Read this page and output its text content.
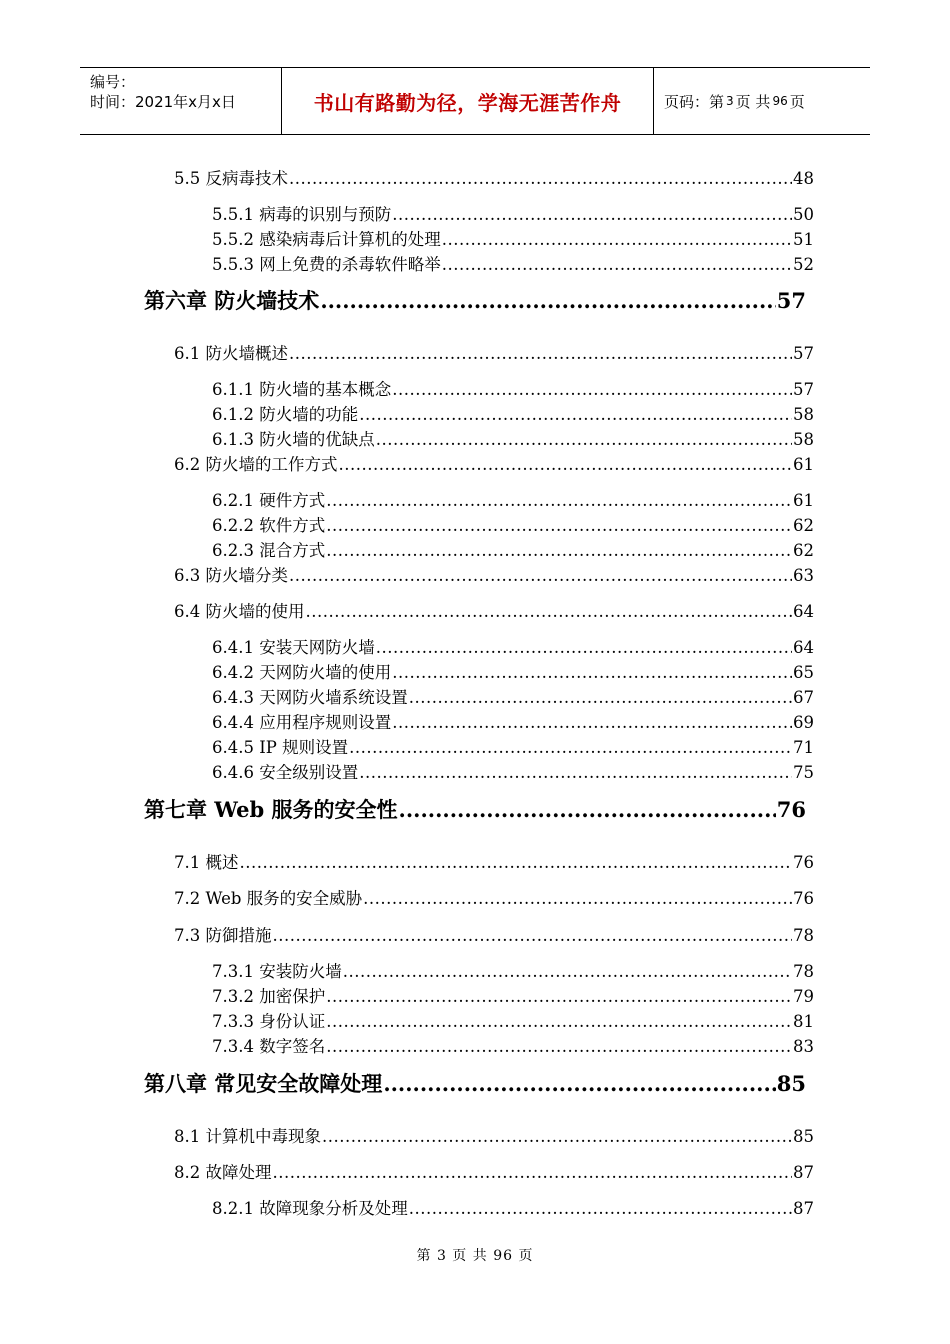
编号：
时间：2021年x月x日	书山有路勤为径，学海无涯苦作舟	页码：第 3 页 共 96 页
5.5 反病毒技术 .....	48
5.5.1 病毒的识别与预防 .....	50
5.5.2 感染病毒后计算机的处理 .....	51
5.5.3 网上免费的杀毒软件略举 .....	52
第六章 防火墙技术 .....	57
6.1 防火墙概述 .....	57
6.1.1 防火墙的基本概念 .....	57
6.1.2 防火墙的功能 .....	58
6.1.3 防火墙的优缺点 .....	58
6.2 防火墙的工作方式 .....	61
6.2.1 硬件方式 .....	61
6.2.2 软件方式 .....	62
6.2.3 混合方式 .....	62
6.3 防火墙分类 .....	63
6.4 防火墙的使用 .....	64
6.4.1 安装天网防火墙 .....	64
6.4.2 天网防火墙的使用 .....	65
6.4.3 天网防火墙系统设置 .....	67
6.4.4 应用程序规则设置 .....	69
6.4.5 IP 规则设置 .....	71
6.4.6 安全级别设置 .....	75
第七章 Web 服务的安全性 .....	76
7.1 概述 .....	76
7.2 Web 服务的安全威胁 .....	76
7.3 防御措施 .....	78
7.3.1 安装防火墙 .....	78
7.3.2 加密保护 .....	79
7.3.3 身份认证 .....	81
7.3.4 数字签名 .....	83
第八章 常见安全故障处理 .....	85
8.1 计算机中毒现象 .....	85
8.2 故障处理 .....	87
8.2.1 故障现象分析及处理 .....	87
第 3 页 共 96 页
